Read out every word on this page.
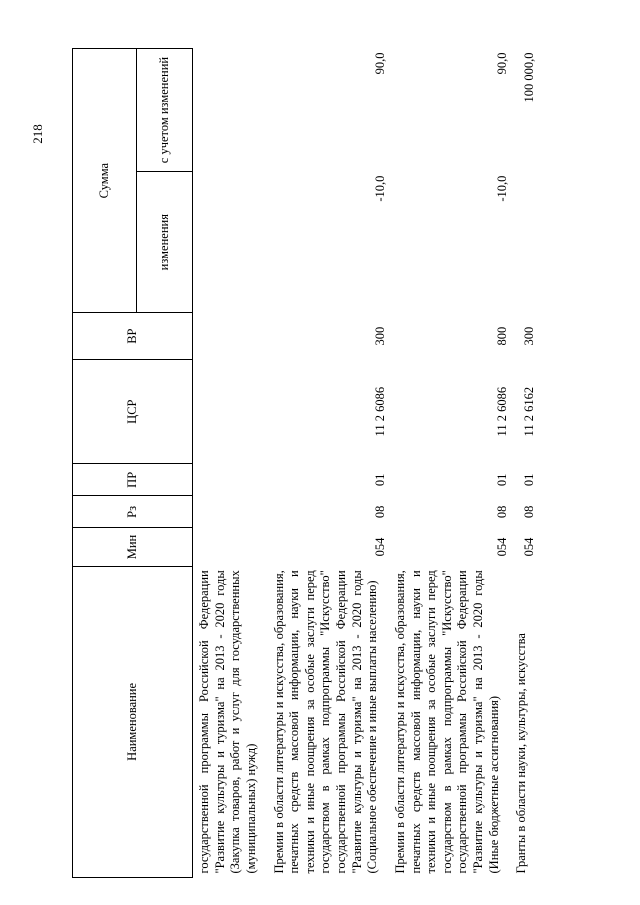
218
Наименование	Мин	Рз	ПР	ЦСР	ВР	Сумма	
						изменения	с учетом изменений
государственной программы Российской Федерации "Развитие культуры и туризма" на 2013 - 2020 годы (Закупка товаров, работ и услуг для государственных (муниципальных) нужд)							
Премии в области литературы и искусства, образования, печатных средств массовой информации, науки и техники и иные поощрения за особые заслуги перед государством в рамках подпрограммы "Искусство" государственной программы Российской Федерации "Развитие культуры и туризма" на 2013 - 2020 годы (Социальное обеспечение и иные выплаты населению)	054	08	01	11 2 6086	300	-10,0	90,0
Премии в области литературы и искусства, образования, печатных средств массовой информации, науки и техники и иные поощрения за особые заслуги перед государством в рамках подпрограммы "Искусство" государственной программы Российской Федерации "Развитие культуры и туризма" на 2013 - 2020 годы (Иные бюджетные ассигнования)	054	08	01	11 2 6086	800	-10,0	90,0
Гранты в области науки, культуры, искусства	054	08	01	11 2 6162	300		100 000,0
